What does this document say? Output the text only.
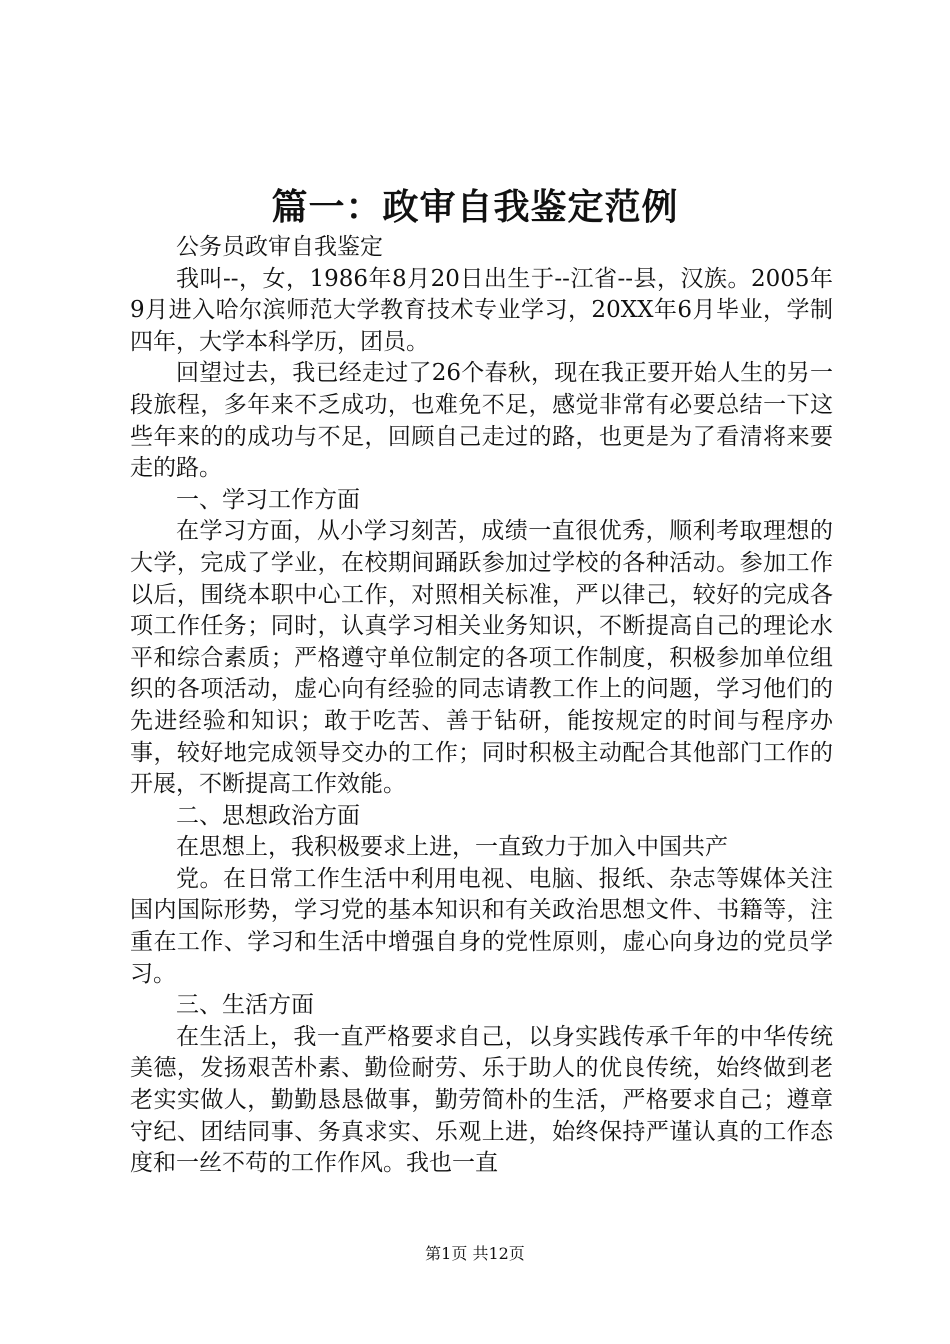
篇一：政审自我鉴定范例

公务员政审自我鉴定

我叫--，女，1986年8月20日出生于--江省--县，汉族。2005年9月进入哈尔滨师范大学教育技术专业学习，20XX年6月毕业，学制四年，大学本科学历，团员。

回望过去，我已经走过了26个春秋，现在我正要开始人生的另一段旅程，多年来不乏成功，也难免不足，感觉非常有必要总结一下这些年来的的成功与不足，回顾自己走过的路，也更是为了看清将来要走的路。

一、学习工作方面

在学习方面，从小学习刻苦，成绩一直很优秀，顺利考取理想的大学，完成了学业，在校期间踊跃参加过学校的各种活动。参加工作以后，围绕本职中心工作，对照相关标准，严以律己，较好的完成各项工作任务；同时，认真学习相关业务知识，不断提高自己的理论水平和综合素质；严格遵守单位制定的各项工作制度，积极参加单位组织的各项活动，虚心向有经验的同志请教工作上的问题，学习他们的先进经验和知识；敢于吃苦、善于钻研，能按规定的时间与程序办事，较好地完成领导交办的工作；同时积极主动配合其他部门工作的开展，不断提高工作效能。

二、思想政治方面

在思想上，我积极要求上进，一直致力于加入中国共产

党。在日常工作生活中利用电视、电脑、报纸、杂志等媒体关注国内国际形势，学习党的基本知识和有关政治思想文件、书籍等，注重在工作、学习和生活中增强自身的党性原则，虚心向身边的党员学习。

三、生活方面

在生活上，我一直严格要求自己，以身实践传承千年的中华传统美德，发扬艰苦朴素、勤俭耐劳、乐于助人的优良传统，始终做到老老实实做人，勤勤恳恳做事，勤劳简朴的生活，严格要求自己；遵章守纪、团结同事、务真求实、乐观上进，始终保持严谨认真的工作态度和一丝不苟的工作作风。我也一直

第1页 共12页
